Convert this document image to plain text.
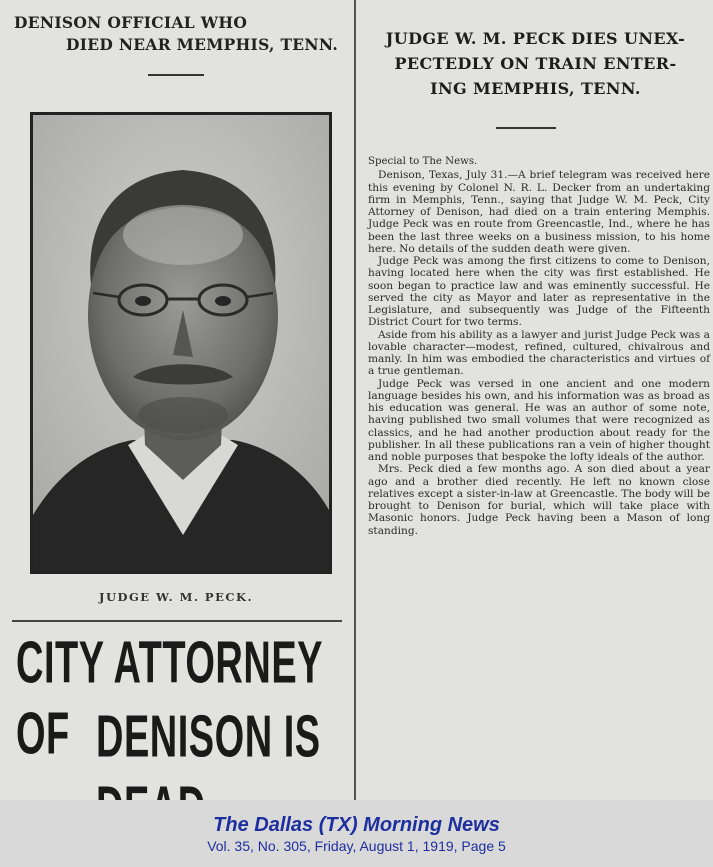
DENISON OFFICIAL WHO
DIED NEAR MEMPHIS, TENN.
JUDGE W. M. PECK.
CITY ATTORNEY OF DENISON IS
JUDGE W. M. PECK DIES UNEX-
PECTEDLY ON TRAIN ENTER-
ING MEMPHIS, TENN.
Special to The News.

Denison, Texas, July 31.—A brief telegram was received here this evening by Colonel N. R. L. Decker from an undertaking firm in Memphis, Tenn., saying that Judge W. M. Peck, City Attorney of Denison, had died on a train entering Memphis. Judge Peck was en route from Greencastle, Ind., where he has been the last three weeks on a business mission, to his home here. No details of the sudden death were given.

Judge Peck was among the first citizens to come to Denison, having located here when the city was first established. He soon began to practice law and was eminently successful. He served the city as Mayor and later as representative in the Legislature, and subsequently was Judge of the Fifteenth District Court for two terms.

Aside from his ability as a lawyer and jurist Judge Peck was a lovable character—modest, refined, cultured, chivalrous and manly. In him was embodied the characteristics and virtues of a true gentleman.

Judge Peck was versed in one ancient and one modern language besides his own, and his information was as broad as his education was general. He was an author of some note, having published two small volumes that were recognized as classics, and he had another production about ready for the publisher. In all these publications ran a vein of higher thought and noble purposes that bespoke the lofty ideals of the author.

Mrs. Peck died a few months ago. A son died about a year ago and a brother died recently. He left no known close relatives except a sister-in-law at Greencastle. The body will be brought to Denison for burial, which will take place with Masonic honors. Judge Peck having been a Mason of long standing.

The Dallas (TX) Morning News
Vol. 35, No. 305, Friday, August 1, 1919, Page 5
